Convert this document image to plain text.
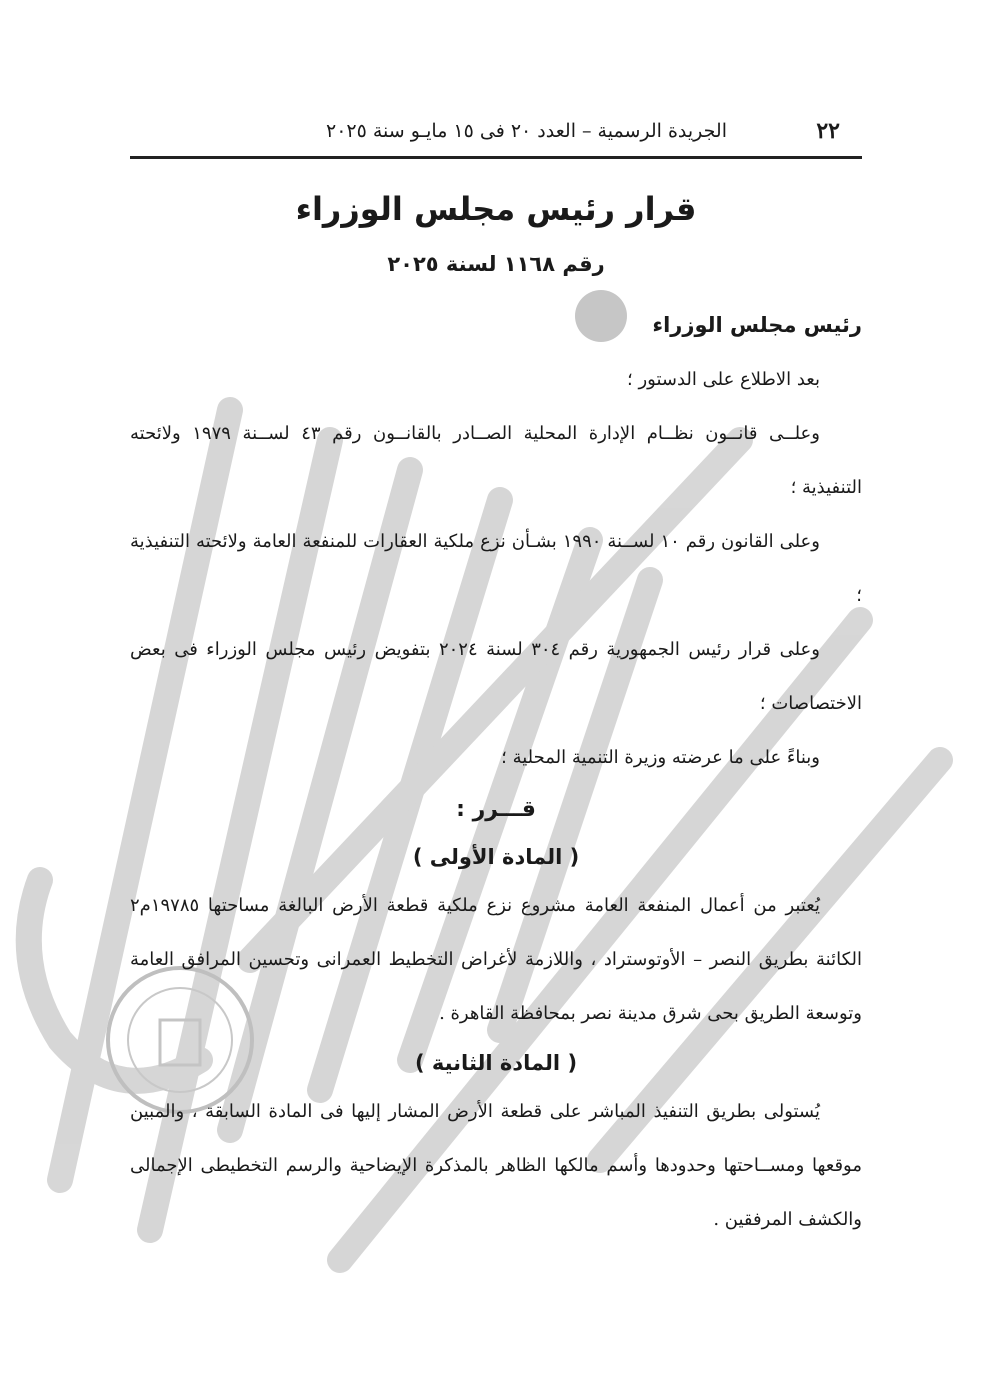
٢٢
الجريدة الرسمية – العدد ٢٠ فى ١٥ مايـو سنة ٢٠٢٥
قرار رئيس مجلس الوزراء
رقم ١١٦٨ لسنة ٢٠٢٥

رئيس مجلس الوزراء

بعد الاطلاع على الدستور ؛

وعلــى قانــون نظــام الإدارة المحلية الصــادر بالقانــون رقم ٤٣ لســنة ١٩٧٩ ولائحته التنفيذية ؛

وعلى القانون رقم ١٠ لســنة ١٩٩٠ بشـأن نزع ملكية العقارات للمنفعة العامة ولائحته التنفيذية ؛

وعلى قرار رئيس الجمهورية رقم ٣٠٤ لسنة ٢٠٢٤ بتفويض رئيس مجلس الوزراء فى بعض الاختصاصات ؛

وبناءً على ما عرضته وزيرة التنمية المحلية ؛

قـــرر :

( المادة الأولى )

يُعتبر من أعمال المنفعة العامة مشروع نزع ملكية قطعة الأرض البالغة مساحتها ١٩٧٨٥م٢ الكائنة بطريق النصر – الأوتوستراد ، واللازمة لأغراض التخطيط العمرانى وتحسين المرافق العامة وتوسعة الطريق بحى شرق مدينة نصر بمحافظة القاهرة .

( المادة الثانية )

يُستولى بطريق التنفيذ المباشر على قطعة الأرض المشار إليها فى المادة السابقة ، والمبين موقعها ومســاحتها وحدودها وأسم مالكها الظاهر بالمذكرة الإيضاحية والرسم التخطيطى الإجمالى والكشف المرفقين .
